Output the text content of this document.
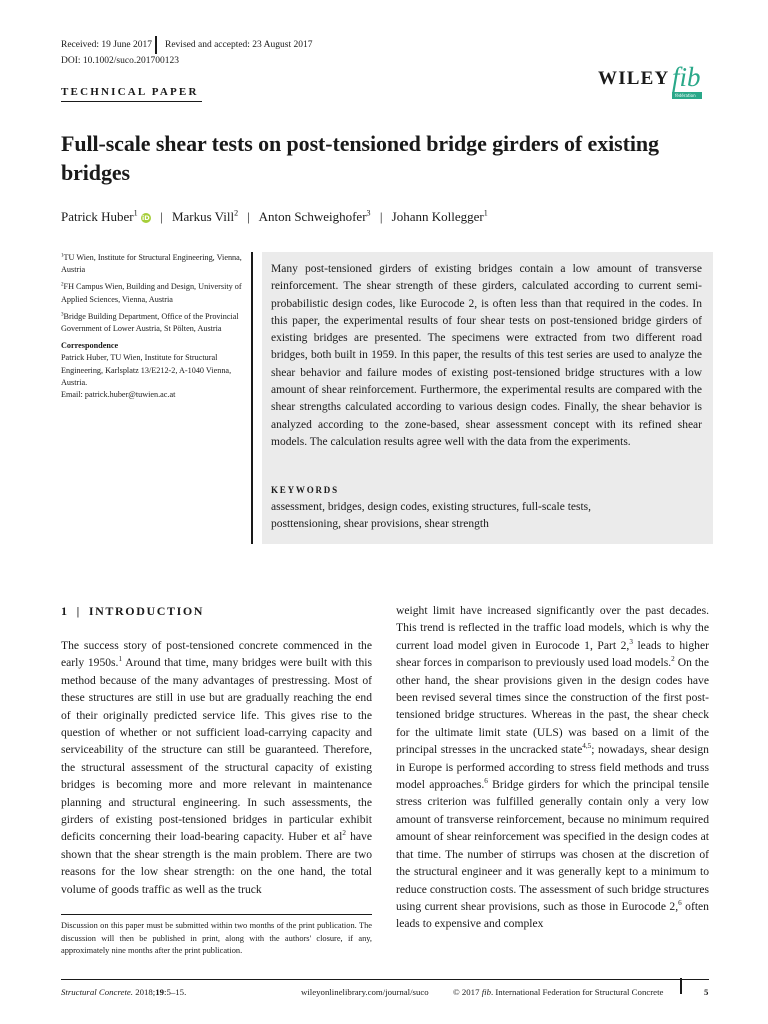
Received: 19 June 2017 Revised and accepted: 23 August 2017
DOI: 10.1002/suco.201700123
WILEY fib
fédération
TECHNICAL PAPER
Full-scale shear tests on post-tensioned bridge girders of existing
bridges
Patrick Huber$^1$ iD | Markus Vill$^2$ | Anton Schweighofer$^3$ | Johann Kollegger$^1$

$^1$TU Wien, Institute for Structural Engineering, Vienna, Austria

$^2$FH Campus Wien, Building and Design, University of Applied Sciences, Vienna, Austria

$^3$Bridge Building Department, Office of the Provincial Government of Lower Austria, St Pölten, Austria

Correspondence

Patrick Huber, TU Wien, Institute for Structural Engineering, Karlsplatz 13/E212-2, A-1040 Vienna, Austria.

Email: patrick.huber@tuwien.ac.at

Many post-tensioned girders of existing bridges contain a low amount of transverse reinforcement. The shear strength of these girders, calculated according to current semi-probabilistic design codes, like Eurocode 2, is often less than that required in the codes. In this paper, the experimental results of four shear tests on post-tensioned bridge girders of existing bridges are presented. The specimens were extracted from two different road bridges, both built in 1959. In this paper, the results of this test series are used to analyze the shear behavior and failure modes of existing post-tensioned bridge structures with a low amount of shear reinforcement. Furthermore, the experimental results are compared with the shear strengths calculated according to various design codes. Finally, the shear behavior is analyzed according to the zone-based, shear assessment concept with its refined shear models. The calculation results agree well with the data from the experiments.
KEYWORDS
assessment, bridges, design codes, existing structures, full-scale tests,
posttensioning, shear provisions, shear strength
1 | INTRODUCTION

The success story of post-tensioned concrete commenced in the early 1950s.$^1$ Around that time, many bridges were built with this method because of the many advantages of prestressing. Most of these structures are still in use but are gradually reaching the end of their originally predicted service life. This gives rise to the question of whether or not sufficient load-carrying capacity and serviceability of the structure can still be guaranteed. Therefore, the structural assessment of the structural capacity of existing bridges is becoming more and more relevant in maintenance planning and structural engineering. In such assessments, the girders of existing post-tensioned bridges in particular exhibit deficits concerning their load-bearing capacity. Huber et $al^2$ have shown that the shear strength is the main problem. There are two reasons for the low shear strength: on the one hand, the total volume of goods traffic as well as the truck

Discussion on this paper must be submitted within two months of the print publication. The discussion will then be published in print, along with the authors' closure, if any, approximately nine months after the print publication.

weight limit have increased significantly over the past decades. This trend is reflected in the traffic load models, which is why the current load model given in Eurocode 1, Part 2,$^3$ leads to higher shear forces in comparison to previously used load models.$^2$ On the other hand, the shear provisions given in the design codes have been revised several times since the construction of the first post-tensioned bridge structures. Whereas in the past, the shear check for the ultimate limit state (ULS) was based on a limit of the principal stresses in the uncracked state$^{4,5}$; nowadays, shear design in Europe is performed according to stress field methods and truss model approaches.$^6$ Bridge girders for which the principal tensile stress criterion was fulfilled generally contain only a very low amount of transverse reinforcement, because no minimum required amount of shear reinforcement was specified in the design codes at that time. The number of stirrups was chosen at the discretion of the structural engineer and it was generally kept to a minimum to reduce construction costs. The assessment of such bridge structures using current shear provisions, such as those in Eurocode 2,$^6$ often leads to expensive and complex

Structural Concrete. 2018;19:5–15.	wileyonlinelibrary.com/journal/suco	© 2017 fib. International Federation for Structural Concrete	5
